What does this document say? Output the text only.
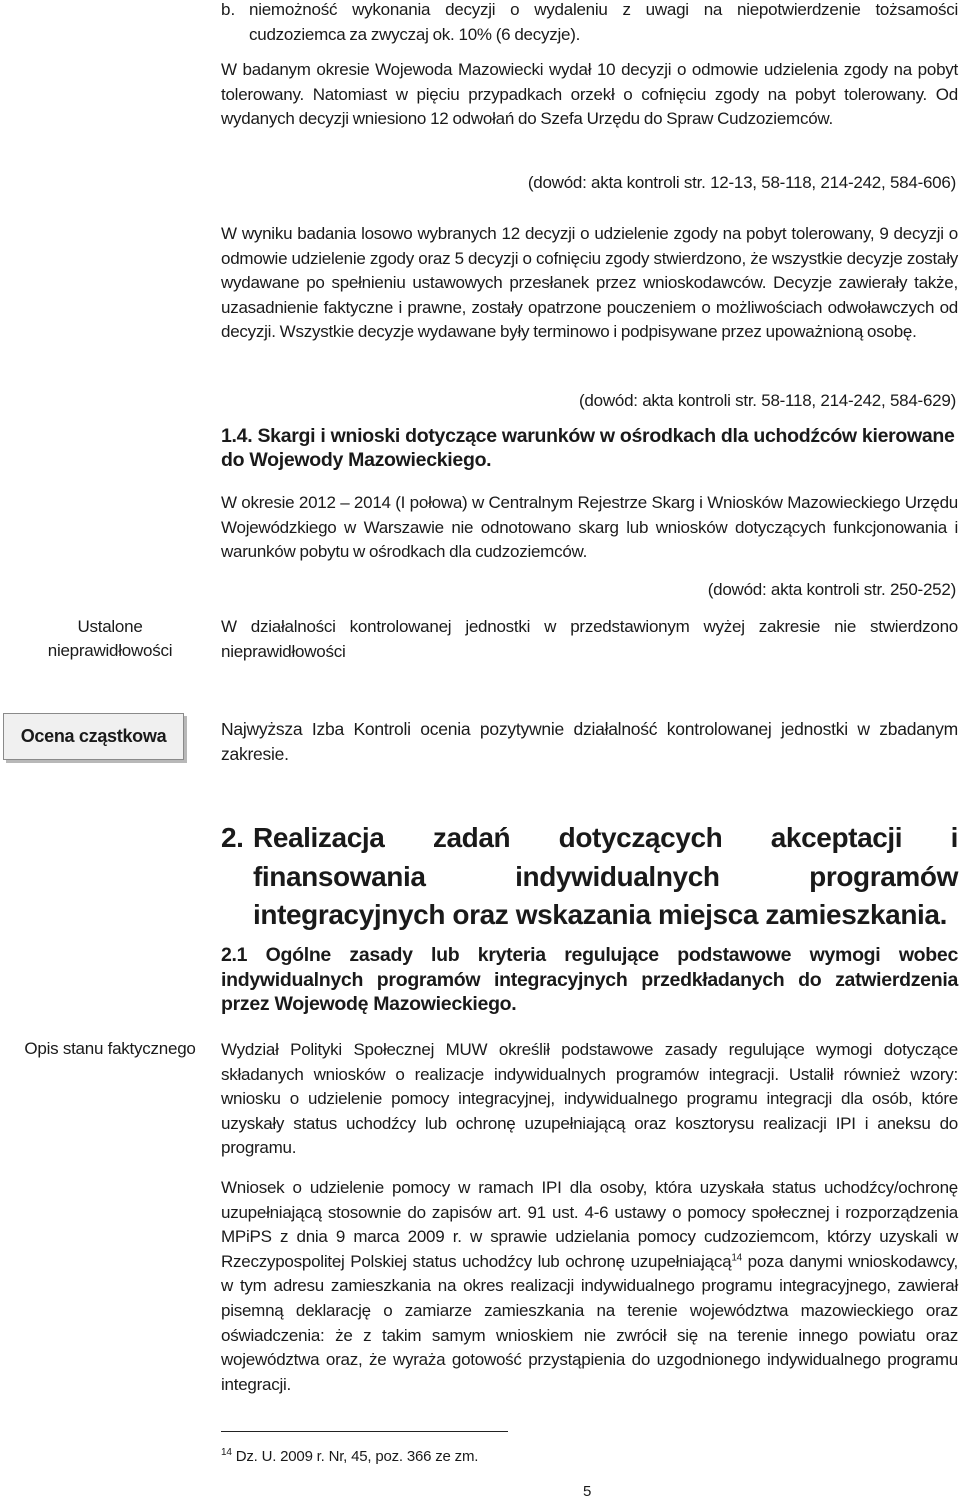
b. niemożność wykonania decyzji o wydaleniu z uwagi na niepotwierdzenie tożsamości cudzoziemca za zwyczaj ok. 10% (6 decyzje).

W badanym okresie Wojewoda Mazowiecki wydał 10 decyzji o odmowie udzielenia zgody na pobyt tolerowany. Natomiast w pięciu przypadkach orzekł o cofnięciu zgody na pobyt tolerowany. Od wydanych decyzji wniesiono 12 odwołań do Szefa Urzędu do Spraw Cudzoziemców.

(dowód: akta kontroli str. 12-13, 58-118, 214-242, 584-606)

W wyniku badania losowo wybranych 12 decyzji o udzielenie zgody na pobyt tolerowany, 9 decyzji o odmowie udzielenie zgody oraz 5 decyzji o cofnięciu zgody stwierdzono, że wszystkie decyzje zostały wydawane po spełnieniu ustawowych przesłanek przez wnioskodawców. Decyzje zawierały także, uzasadnienie faktyczne i prawne, zostały opatrzone pouczeniem o możliwościach odwoławczych od decyzji. Wszystkie decyzje wydawane były terminowo i podpisywane przez upoważnioną osobę.

(dowód: akta kontroli str. 58-118, 214-242, 584-629)
1.4. Skargi i wnioski dotyczące warunków w ośrodkach dla uchodźców kierowane do Wojewody Mazowieckiego.

W okresie 2012 – 2014 (I połowa) w Centralnym Rejestrze Skarg i Wniosków Mazowieckiego Urzędu Wojewódzkiego w Warszawie nie odnotowano skarg lub wniosków dotyczących funkcjonowania i warunków pobytu w ośrodkach dla cudzoziemców.

(dowód: akta kontroli str. 250-252)
Ustalone nieprawidłowości

W działalności kontrolowanej jednostki w przedstawionym wyżej zakresie nie stwierdzono nieprawidłowości

Ocena cząstkowa	Najwyższa Izba Kontroli ocenia pozytywnie działalność kontrolowanej jednostki w zbadanym zakresie.

2. Realizacja zadań dotyczących akceptacji i finansowania indywidualnych programów integracyjnych oraz wskazania miejsca zamieszkania.
2.1 Ogólne zasady lub kryteria regulujące podstawowe wymogi wobec indywidualnych programów integracyjnych przedkładanych do zatwierdzenia przez Wojewodę Mazowieckiego.
Opis stanu faktycznego Wydział Polityki Społecznej MUW określił podstawowe zasady regulujące wymogi dotyczące składanych wniosków o realizacje indywidualnych programów integracji. Ustalił również wzory: wniosku o udzielenie pomocy integracyjnej, indywidualnego programu integracji dla osób, które uzyskały status uchodźcy lub ochronę uzupełniającą oraz kosztorysu realizacji IPI i aneksu do programu.

Wniosek o udzielenie pomocy w ramach IPI dla osoby, która uzyskała status uchodźcy/ochronę uzupełniającą stosownie do zapisów art. 91 ust. 4-6 ustawy o pomocy społecznej i rozporządzenia MPiPS z dnia 9 marca 2009 r. w sprawie udzielania pomocy cudzoziemcom, którzy uzyskali w Rzeczypospolitej Polskiej status uchodźcy lub ochronę uzupełniającą$^{14}$ poza danymi wnioskodawcy, w tym adresu zamieszkania na okres realizacji indywidualnego programu integracyjnego, zawierał pisemną deklarację o zamiarze zamieszkania na terenie województwa mazowieckiego oraz oświadczenia: że z takim samym wnioskiem nie zwrócił się na terenie innego powiatu oraz województwa oraz, że wyraża gotowość przystąpienia do uzgodnionego indywidualnego programu integracji.

$^{14}$ Dz. U. 2009 r. Nr, 45, poz. 366 ze zm.
5
